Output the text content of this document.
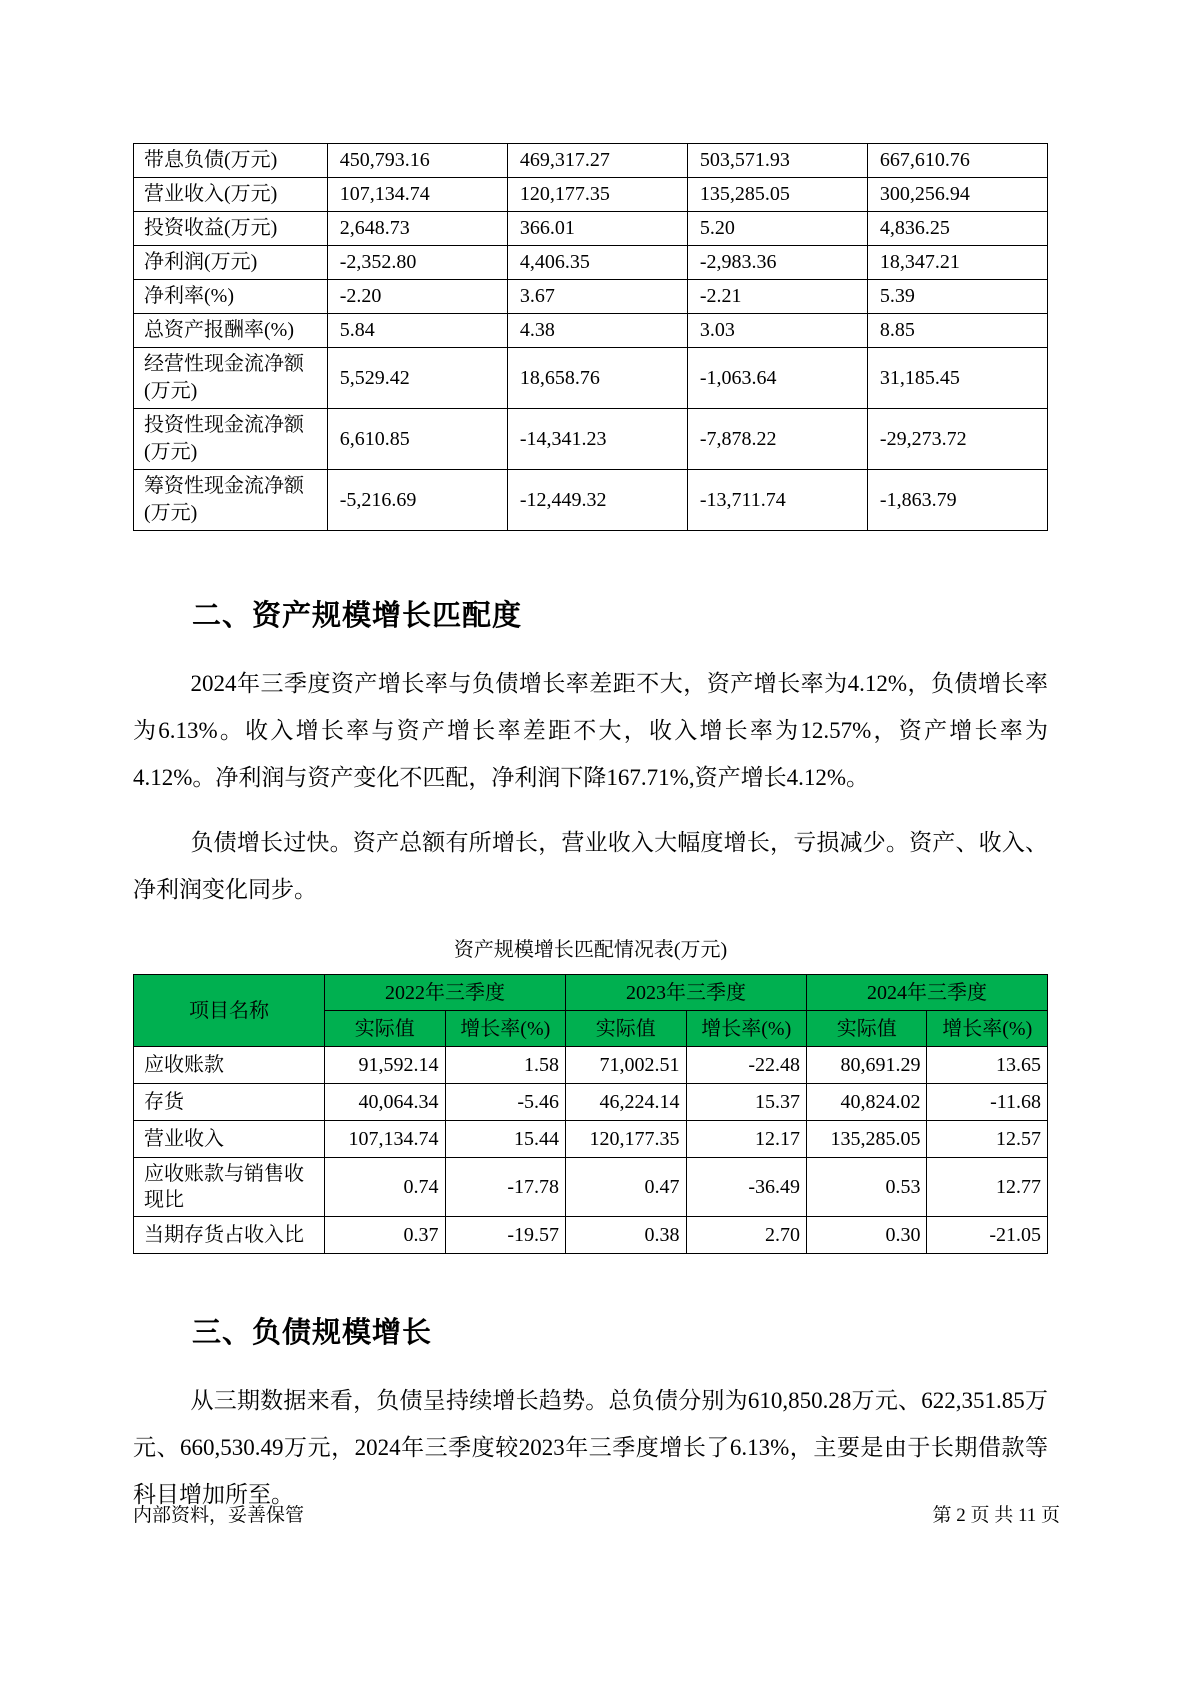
带息负债(万元)	450,793.16	469,317.27	503,571.93	667,610.76
营业收入(万元)	107,134.74	120,177.35	135,285.05	300,256.94
投资收益(万元)	2,648.73	366.01	5.20	4,836.25
净利润(万元)	-2,352.80	4,406.35	-2,983.36	18,347.21
净利率(%)	-2.20	3.67	-2.21	5.39
总资产报酬率(%)	5.84	4.38	3.03	8.85
经营性现金流净额(万元)	5,529.42	18,658.76	-1,063.64	31,185.45
投资性现金流净额(万元)	6,610.85	-14,341.23	-7,878.22	-29,273.72
筹资性现金流净额(万元)	-5,216.69	-12,449.32	-13,711.74	-1,863.79
二、资产规模增长匹配度

2024年三季度资产增长率与负债增长率差距不大，资产增长率为4.12%，负债增长率为6.13%。收入增长率与资产增长率差距不大，收入增长率为12.57%，资产增长率为4.12%。净利润与资产变化不匹配，净利润下降167.71%,资产增长4.12%。

负债增长过快。资产总额有所增长，营业收入大幅度增长，亏损减少。资产、收入、净利润变化同步。

资产规模增长匹配情况表(万元)
项目名称	2022年三季度		2023年三季度		2024年三季度	
	实际值	增长率(%)	实际值	增长率(%)	实际值	增长率(%)
应收账款	91,592.14	1.58	71,002.51	-22.48	80,691.29	13.65
存货	40,064.34	-5.46	46,224.14	15.37	40,824.02	-11.68
营业收入	107,134.74	15.44	120,177.35	12.17	135,285.05	12.57
应收账款与销售收现比	0.74	-17.78	0.47	-36.49	0.53	12.77
当期存货占收入比	0.37	-19.57	0.38	2.70	0.30	-21.05
三、负债规模增长

从三期数据来看，负债呈持续增长趋势。总负债分别为610,850.28万元、622,351.85万元、660,530.49万元，2024年三季度较2023年三季度增长了6.13%，主要是由于长期借款等科目增加所至。

内部资料，妥善保管	第 2 页 共 11 页
